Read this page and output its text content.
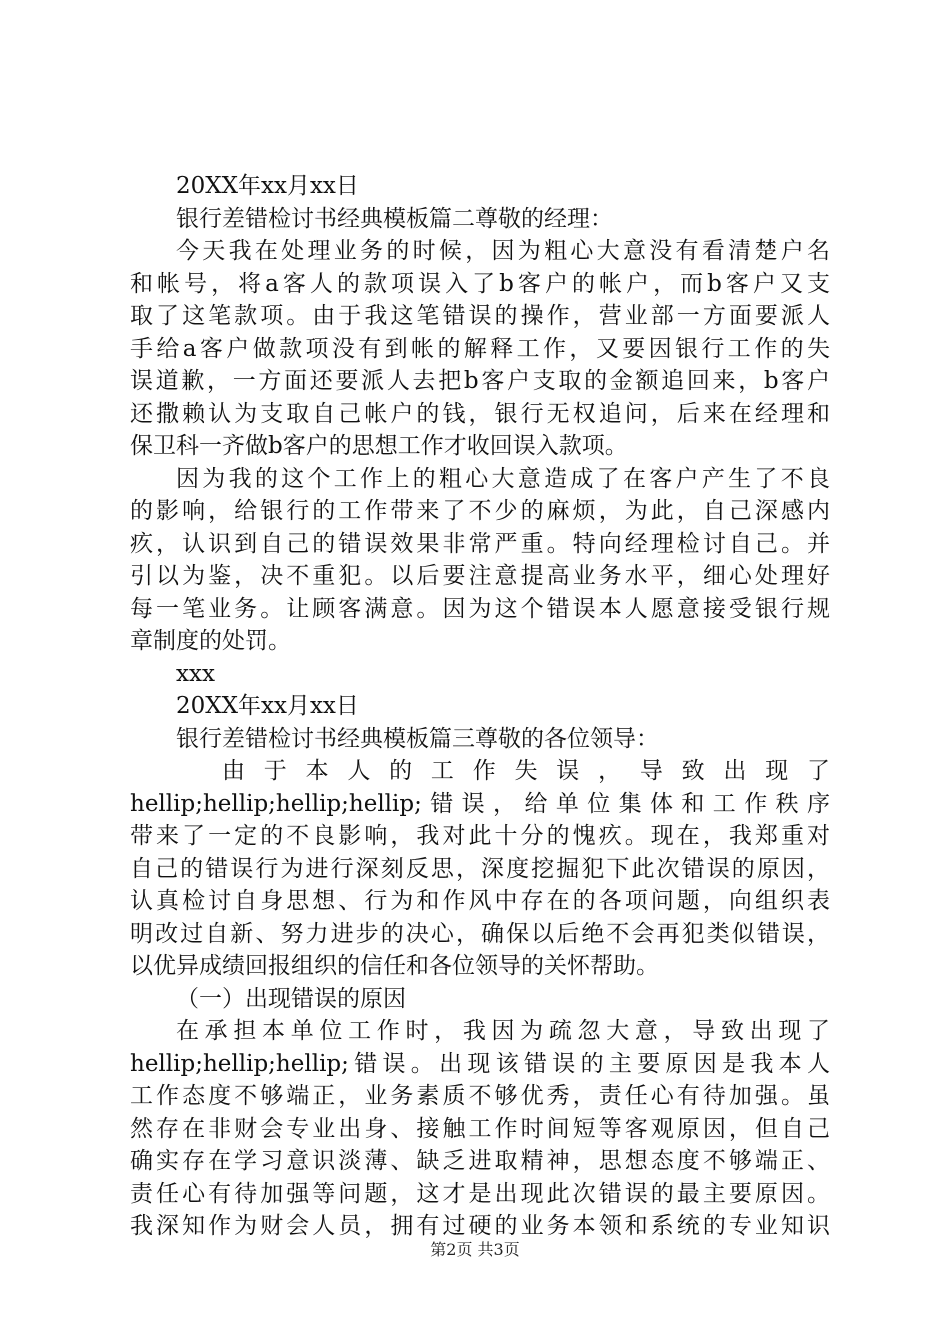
20XX年xx月xx日
银行差错检讨书经典模板篇二尊敬的经理：
今天我在处理业务的时候，因为粗心大意没有看清楚户名
和帐号，将a客人的款项误入了b客户的帐户，而b客户又支
取了这笔款项。由于我这笔错误的操作，营业部一方面要派人
手给a客户做款项没有到帐的解释工作，又要因银行工作的失
误道歉，一方面还要派人去把b客户支取的金额追回来，b客户
还撒赖认为支取自己帐户的钱，银行无权追问，后来在经理和
保卫科一齐做b客户的思想工作才收回误入款项。
因为我的这个工作上的粗心大意造成了在客户产生了不良
的影响，给银行的工作带来了不少的麻烦，为此，自己深感内
疚，认识到自己的错误效果非常严重。特向经理检讨自己。并
引以为鉴，决不重犯。以后要注意提高业务水平，细心处理好
每一笔业务。让顾客满意。因为这个错误本人愿意接受银行规
章制度的处罚。
xxx
20XX年xx月xx日
银行差错检讨书经典模板篇三尊敬的各位领导：
由于本人的工作失误，导致出现了
hellip;hellip;hellip;hellip;错误，给单位集体和工作秩序
带来了一定的不良影响，我对此十分的愧疚。现在，我郑重对
自己的错误行为进行深刻反思，深度挖掘犯下此次错误的原因，
认真检讨自身思想、行为和作风中存在的各项问题，向组织表
明改过自新、努力进步的决心，确保以后绝不会再犯类似错误，
以优异成绩回报组织的信任和各位领导的关怀帮助。
（一）出现错误的原因
在承担本单位工作时，我因为疏忽大意，导致出现了
hellip;hellip;hellip;错误。出现该错误的主要原因是我本人
工作态度不够端正，业务素质不够优秀，责任心有待加强。虽
然存在非财会专业出身、接触工作时间短等客观原因，但自己
确实存在学习意识淡薄、缺乏进取精神，思想态度不够端正、
责任心有待加强等问题，这才是出现此次错误的最主要原因。
我深知作为财会人员，拥有过硬的业务本领和系统的专业知识
第2页 共3页
